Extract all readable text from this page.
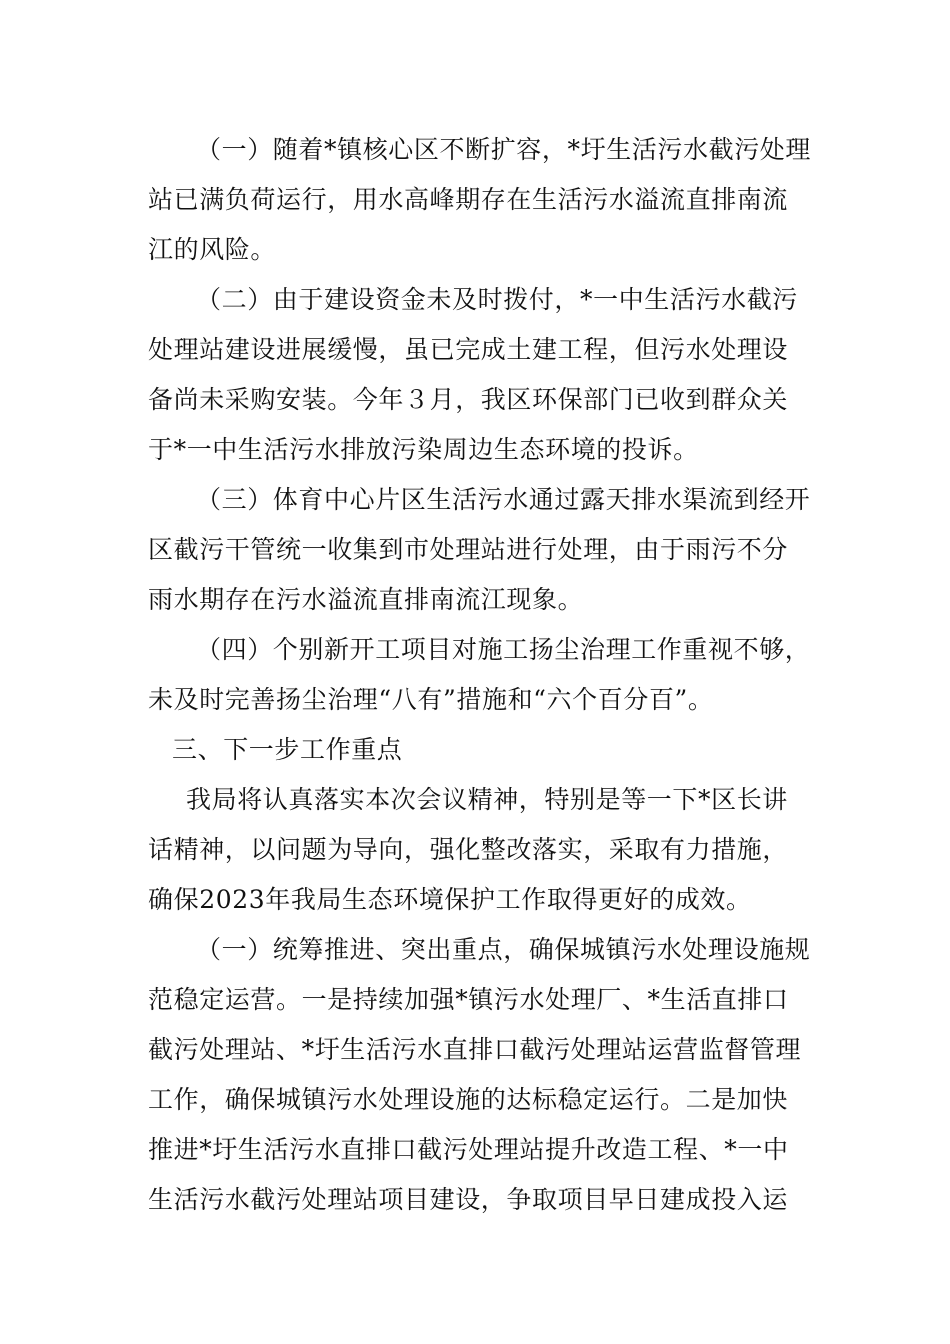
（一）随着*镇核心区不断扩容，*圩生活污水截污处理
站已满负荷运行，用水高峰期存在生活污水溢流直排南流
江的风险。
（二）由于建设资金未及时拨付，*一中生活污水截污
处理站建设进展缓慢，虽已完成土建工程，但污水处理设
备尚未采购安装。今年３月，我区环保部门已收到群众关
于*一中生活污水排放污染周边生态环境的投诉。
（三）体育中心片区生活污水通过露天排水渠流到经开
区截污干管统一收集到市处理站进行处理，由于雨污不分
雨水期存在污水溢流直排南流江现象。
（四）个别新开工项目对施工扬尘治理工作重视不够，
未及时完善扬尘治理“八有”措施和“六个百分百”。
三、下一步工作重点
我局将认真落实本次会议精神，特别是等一下*区长讲
话精神，以问题为导向，强化整改落实，采取有力措施，
确保2023年我局生态环境保护工作取得更好的成效。
（一）统筹推进、突出重点，确保城镇污水处理设施规
范稳定运营。一是持续加强*镇污水处理厂、*生活直排口
截污处理站、*圩生活污水直排口截污处理站运营监督管理
工作，确保城镇污水处理设施的达标稳定运行。二是加快
推进*圩生活污水直排口截污处理站提升改造工程、*一中
生活污水截污处理站项目建设，争取项目早日建成投入运
